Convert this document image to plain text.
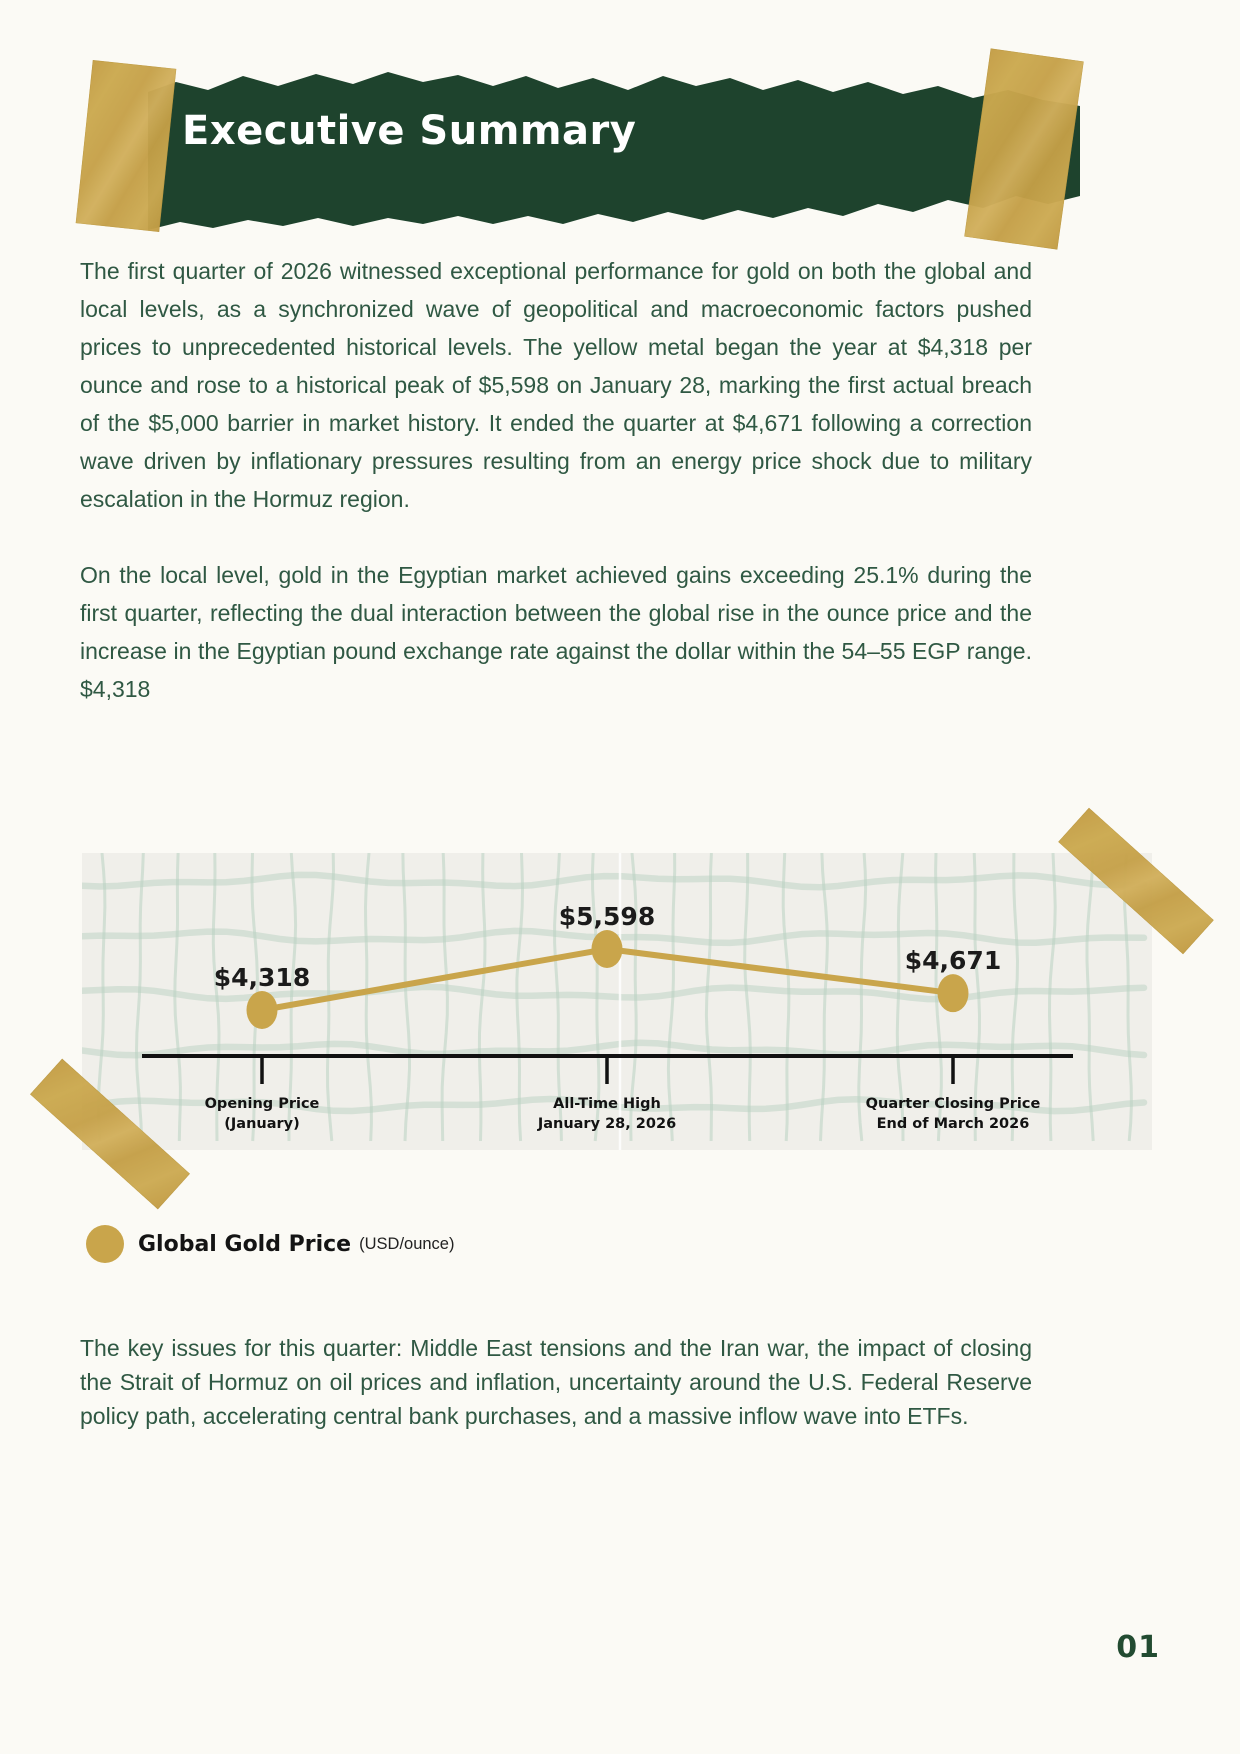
Executive Summary

The first quarter of 2026 witnessed exceptional performance for gold on both the global and local levels, as a synchronized wave of geopolitical and macroeconomic factors pushed prices to unprecedented historical levels. The yellow metal began the year at $4,318 per ounce and rose to a historical peak of $5,598 on January 28, marking the first actual breach of the $5,000 barrier in market history. It ended the quarter at $4,671 following a correction wave driven by inflationary pressures resulting from an energy price shock due to military escalation in the Hormuz region.

On the local level, gold in the Egyptian market achieved gains exceeding 25.1% during the first quarter, reflecting the dual interaction between the global rise in the ounce price and the increase in the Egyptian pound exchange rate against the dollar within the 54–55 EGP range. $4,318

$4,318
Opening Price
(January)
$5,598
All-Time High
January 28, 2026
$4,671
Quarter Closing Price
End of March 2026
Global Gold Price (USD/ounce)

The key issues for this quarter: Middle East tensions and the Iran war, the impact of closing the Strait of Hormuz on oil prices and inflation, uncertainty around the U.S. Federal Reserve policy path, accelerating central bank purchases, and a massive inflow wave into ETFs.

01
